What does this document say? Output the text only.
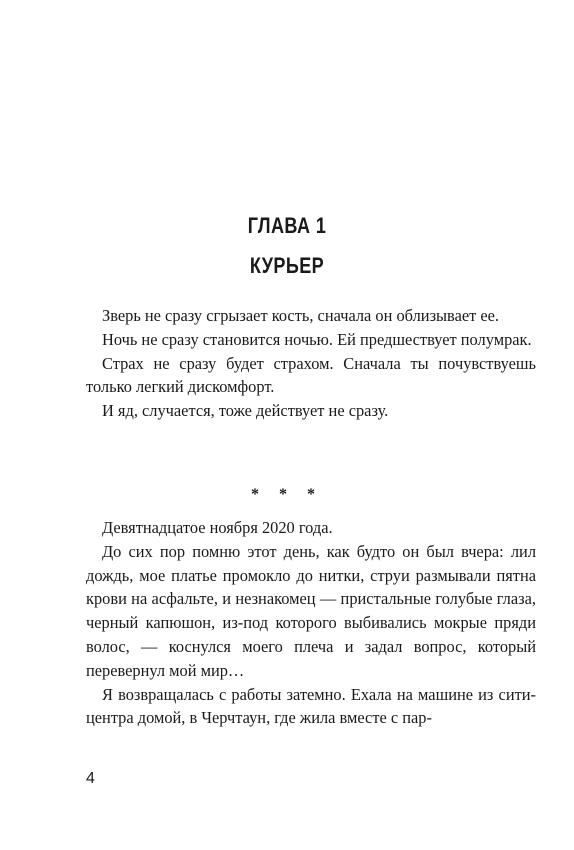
ГЛАВА 1
КУРЬЕР

Зверь не сразу сгрызает кость, сначала он облизывает ее.

Ночь не сразу становится ночью. Ей предшествует полумрак.

Страх не сразу будет страхом. Сначала ты почувствуешь только легкий дискомфорт.

И яд, случается, тоже действует не сразу.

* * *

Девятнадцатое ноября 2020 года.

До сих пор помню этот день, как будто он был вчера: лил дождь, мое платье промокло до нитки, струи размывали пятна крови на асфальте, и незнакомец — пристальные голубые глаза, черный капюшон, из-под которого выбивались мокрые пряди волос, — коснулся моего плеча и задал вопрос, который перевернул мой мир…

Я возвращалась с работы затемно. Ехала на машине из сити-центра домой, в Черчтаун, где жила вместе с пар-

4
